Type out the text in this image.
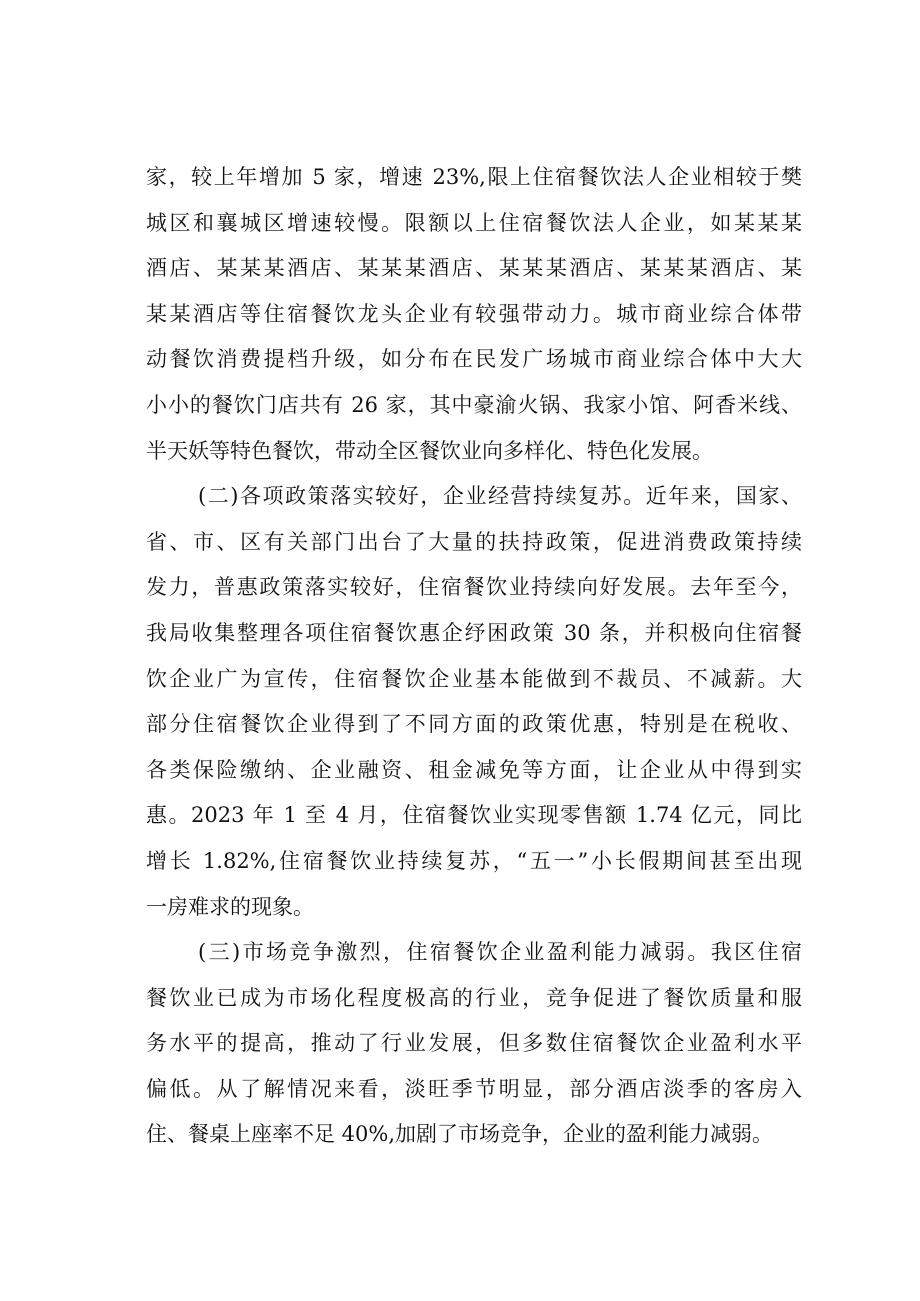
家，较上年增加 5 家，增速 23%,限上住宿餐饮法人企业相较于樊
城区和襄城区增速较慢。限额以上住宿餐饮法人企业，如某某某
酒店、某某某酒店、某某某酒店、某某某酒店、某某某酒店、某
某某酒店等住宿餐饮龙头企业有较强带动力。城市商业综合体带
动餐饮消费提档升级，如分布在民发广场城市商业综合体中大大
小小的餐饮门店共有 26 家，其中豪渝火锅、我家小馆、阿香米线、
半天妖等特色餐饮，带动全区餐饮业向多样化、特色化发展。
(二)各项政策落实较好，企业经营持续复苏。近年来，国家、
省、市、区有关部门出台了大量的扶持政策，促进消费政策持续
发力，普惠政策落实较好，住宿餐饮业持续向好发展。去年至今，
我局收集整理各项住宿餐饮惠企纾困政策 30 条，并积极向住宿餐
饮企业广为宣传，住宿餐饮企业基本能做到不裁员、不减薪。大
部分住宿餐饮企业得到了不同方面的政策优惠，特别是在税收、
各类保险缴纳、企业融资、租金减免等方面，让企业从中得到实
惠。2023 年 1 至 4 月，住宿餐饮业实现零售额 1.74 亿元，同比
增长 1.82%,住宿餐饮业持续复苏，“五一”小长假期间甚至出现
一房难求的现象。
(三)市场竞争激烈，住宿餐饮企业盈利能力减弱。我区住宿
餐饮业已成为市场化程度极高的行业，竞争促进了餐饮质量和服
务水平的提高，推动了行业发展，但多数住宿餐饮企业盈利水平
偏低。从了解情况来看，淡旺季节明显，部分酒店淡季的客房入
住、餐桌上座率不足 40%,加剧了市场竞争，企业的盈利能力减弱。
